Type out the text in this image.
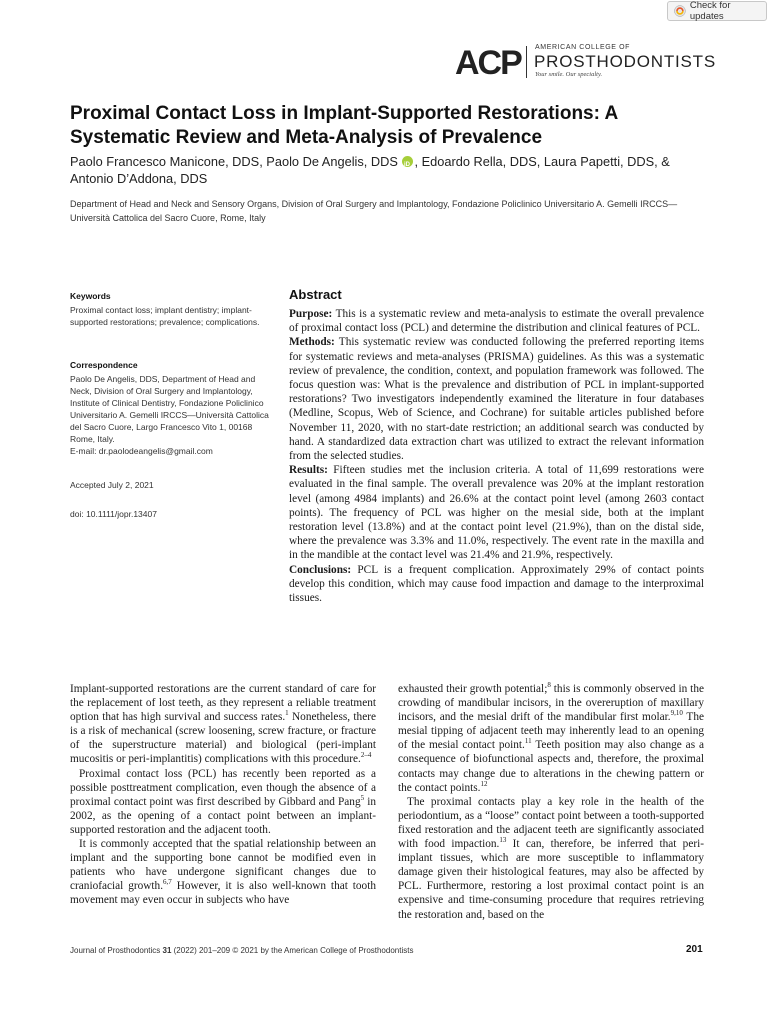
Check for updates
ACP AMERICAN COLLEGE OF
PROSTHODONTISTS
Your smile. Our specialty.
Proximal Contact Loss in Implant-Supported Restorations: A Systematic Review and Meta-Analysis of Prevalence
Paolo Francesco Manicone, DDS, Paolo De Angelis, DDS iD , Edoardo Rella, DDS, Laura Papetti, DDS, & Antonio D’Addona, DDS
Department of Head and Neck and Sensory Organs, Division of Oral Surgery and Implantology, Fondazione Policlinico Universitario A. Gemelli IRCCS—Università Cattolica del Sacro Cuore, Rome, Italy
Keywords
Proximal contact loss; implant dentistry; implant-supported restorations; prevalence; complications.
Correspondence
Paolo De Angelis, DDS, Department of Head and Neck, Division of Oral Surgery and Implantology, Institute of Clinical Dentistry, Fondazione Policlinico Universitario A. Gemelli IRCCS—Università Cattolica del Sacro Cuore, Largo Francesco Vito 1, 00168 Rome, Italy.
E-mail: dr.paolodeangelis@gmail.com
Accepted July 2, 2021
doi: 10.1111/jopr.13407
Abstract

Purpose: This is a systematic review and meta-analysis to estimate the overall prevalence of proximal contact loss (PCL) and determine the distribution and clinical features of PCL.

Methods: This systematic review was conducted following the preferred reporting items for systematic reviews and meta-analyses (PRISMA) guidelines. As this was a systematic review of prevalence, the condition, context, and population framework was followed. The focus question was: What is the prevalence and distribution of PCL in implant-supported restorations? Two investigators independently examined the literature in four databases (Medline, Scopus, Web of Science, and Cochrane) for suitable articles published before November 11, 2020, with no start-date restriction; an additional search was conducted by hand. A standardized data extraction chart was utilized to extract the relevant information from the selected studies.

Results: Fifteen studies met the inclusion criteria. A total of 11,699 restorations were evaluated in the final sample. The overall prevalence was 20% at the implant restoration level (among 4984 implants) and 26.6% at the contact point level (among 2603 contact points). The frequency of PCL was higher on the mesial side, both at the implant restoration level (13.8%) and at the contact point level (21.9%), than on the distal side, where the prevalence was 3.3% and 11.0%, respectively. The event rate in the maxilla and in the mandible at the contact level was 21.4% and 21.9%, respectively.

Conclusions: PCL is a frequent complication. Approximately 29% of contact points develop this condition, which may cause food impaction and damage to the interproximal tissues.

Implant-supported restorations are the current standard of care for the replacement of lost teeth, as they represent a reliable treatment option that has high survival and success rates.$^1$ Nonetheless, there is a risk of mechanical (screw loosening, screw fracture, or fracture of the superstructure material) and biological (peri-implant mucositis or peri-implantitis) complications with this procedure.$^{2-4}$

Proximal contact loss (PCL) has recently been reported as a possible posttreatment complication, even though the absence of a proximal contact point was first described by Gibbard and Pang$^5$ in 2002, as the opening of a contact point between an implant-supported restoration and the adjacent tooth.

It is commonly accepted that the spatial relationship between an implant and the supporting bone cannot be modified even in patients who have undergone significant changes due to craniofacial growth.$^{6,7}$ However, it is also well-known that tooth movement may even occur in subjects who have

exhausted their growth potential;$^8$ this is commonly observed in the crowding of mandibular incisors, in the overeruption of maxillary incisors, and the mesial drift of the mandibular first molar.$^{9,10}$ The mesial tipping of adjacent teeth may inherently lead to an opening of the mesial contact point.$^{11}$ Teeth position may also change as a consequence of biofunctional aspects and, therefore, the proximal contacts may change due to alterations in the chewing pattern or the contact points.$^{12}$

The proximal contacts play a key role in the health of the periodontium, as a “loose” contact point between a tooth-supported fixed restoration and the adjacent teeth are significantly associated with food impaction.$^{13}$ It can, therefore, be inferred that peri-implant tissues, which are more susceptible to inflammatory damage given their histological features, may also be affected by PCL. Furthermore, restoring a lost proximal contact point is an expensive and time-consuming procedure that requires retrieving the restoration and, based on the

Journal of Prosthodontics 31 (2022) 201–209 © 2021 by the American College of Prosthodontists	201
